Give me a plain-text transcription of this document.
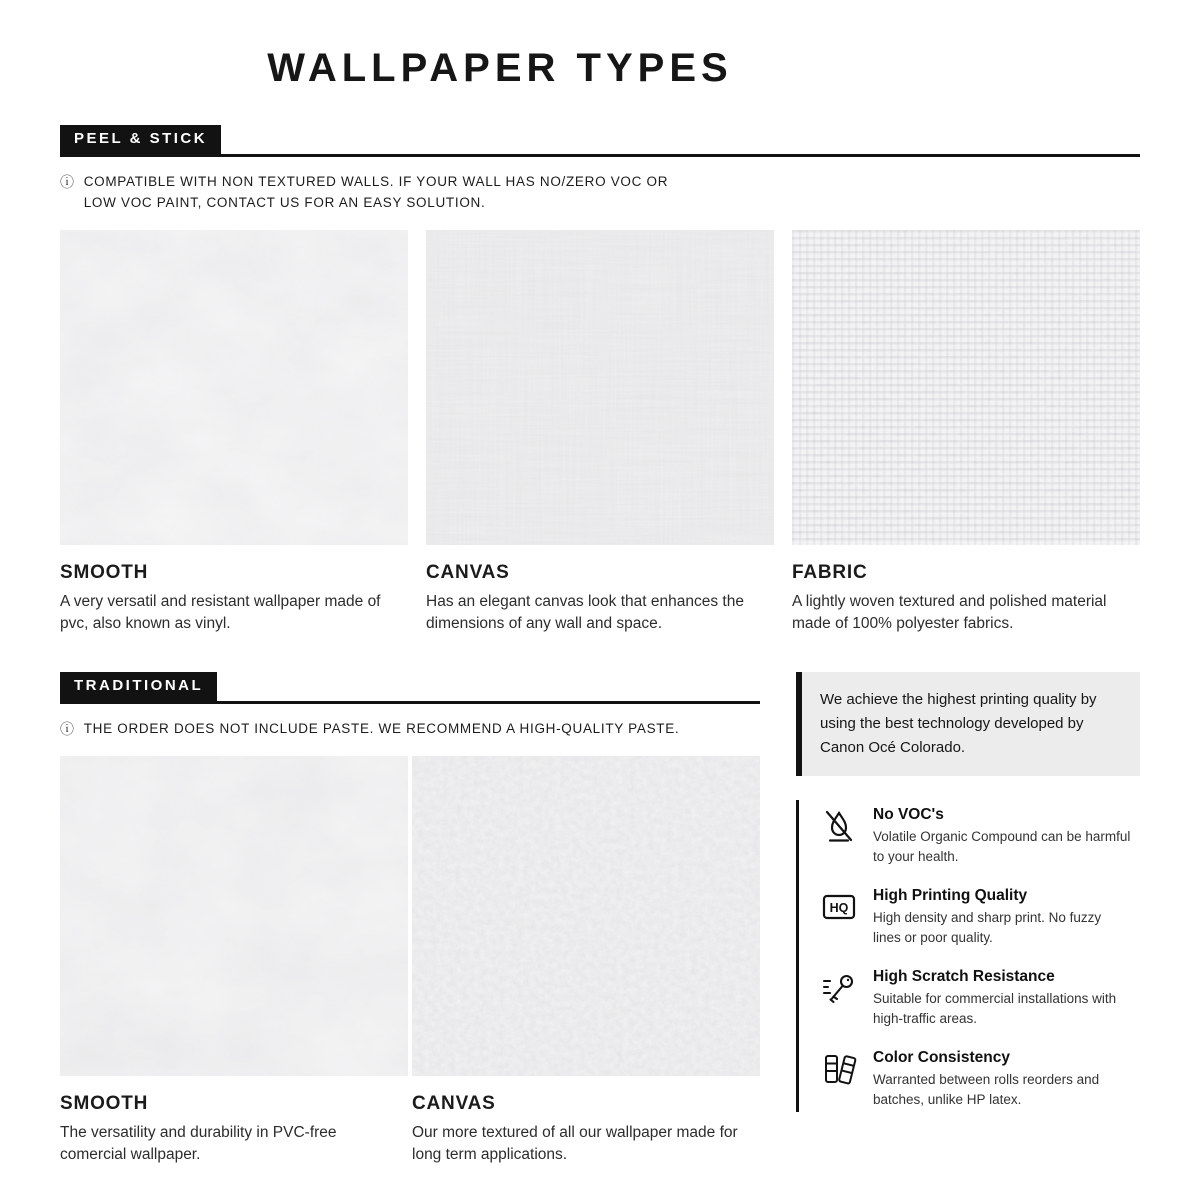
WALLPAPER TYPES
PEEL & STICK
ⓘ COMPATIBLE WITH NON TEXTURED WALLS. IF YOUR WALL HAS NO/ZERO VOC OR LOW VOC PAINT, CONTACT US FOR AN EASY SOLUTION.
SMOOTH

A very versatil and resistant wallpaper made of pvc, also known as vinyl.

CANVAS

Has an elegant canvas look that enhances the dimensions of any wall and space.

FABRIC

A lightly woven textured and polished material made of 100% polyester fabrics.

TRADITIONAL
ⓘ THE ORDER DOES NOT INCLUDE PASTE. WE RECOMMEND A HIGH-QUALITY PASTE.
SMOOTH

The versatility and durability in PVC-free comercial wallpaper.

CANVAS

Our more textured of all our wallpaper made for long term applications.

We achieve the highest printing quality by using the best technology developed by Canon Océ Colorado.

No VOC's

Volatile Organic Compound can be harmful to your health.

HQ
High Printing Quality

High density and sharp print. No fuzzy lines or poor quality.

High Scratch Resistance

Suitable for commercial installations with high-traffic areas.

Color Consistency

Warranted between rolls reorders and batches, unlike HP latex.
